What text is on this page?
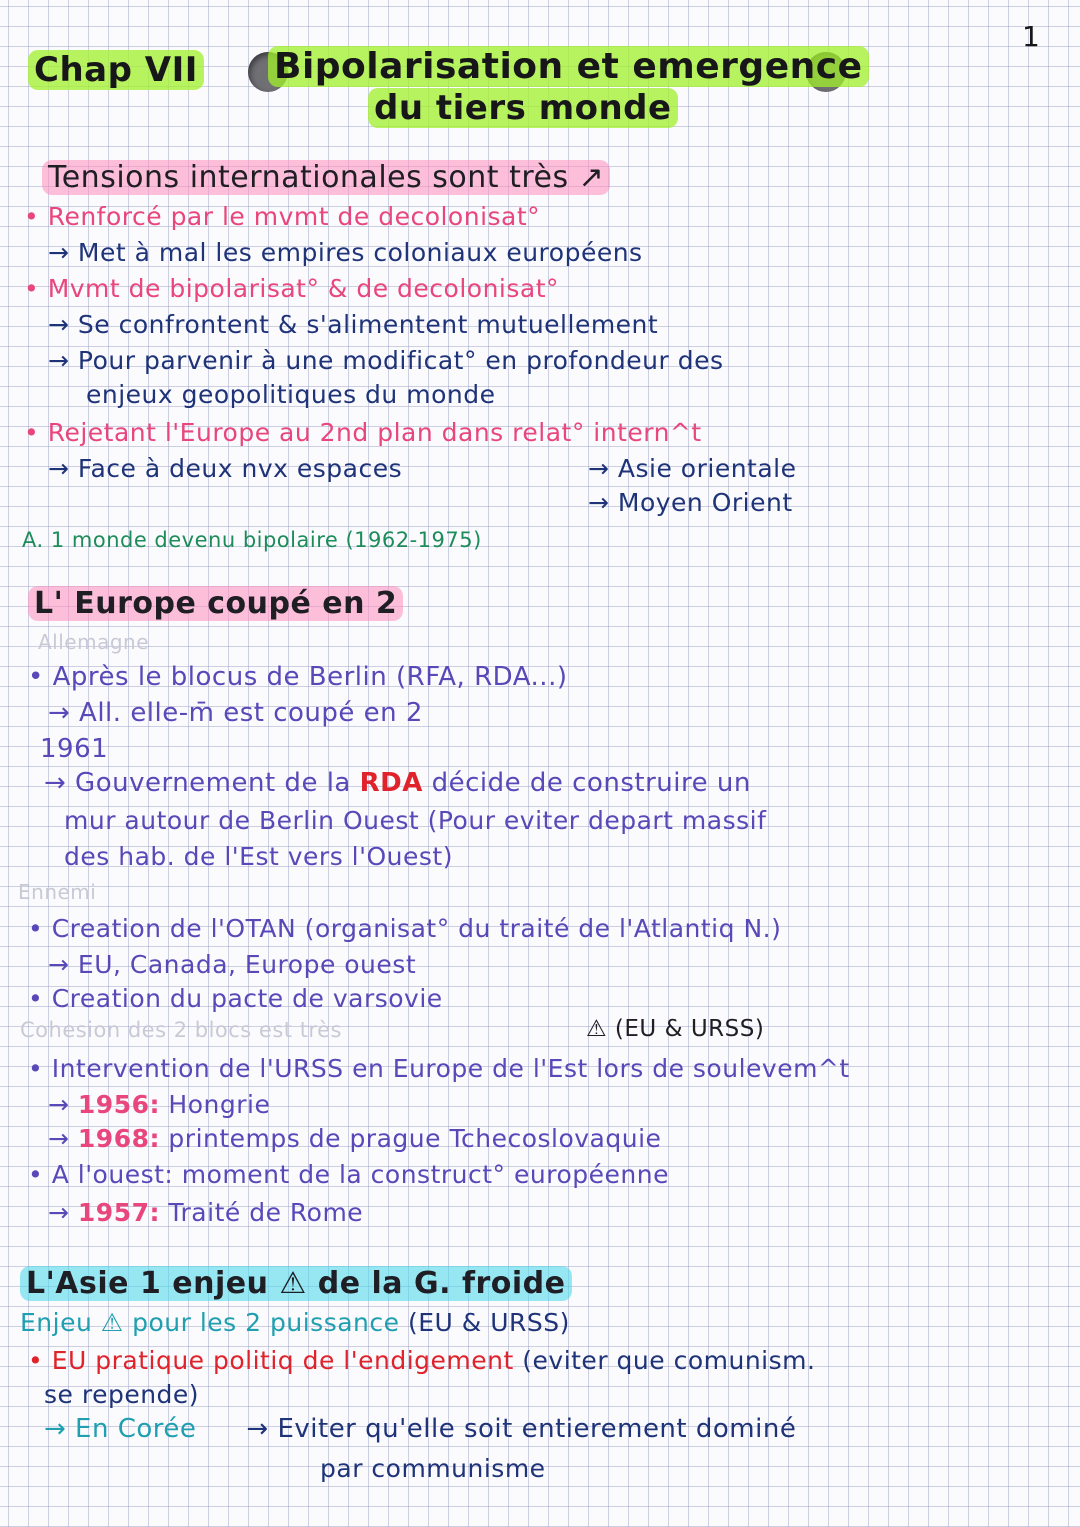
1
Chap VII Bipolarisation et emergence
du tiers monde
Tensions internationales sont très ↗
• Renforcé par le mvmt de decolonisat°
→ Met à mal les empires coloniaux européens
• Mvmt de bipolarisat° & de decolonisat°
→ Se confrontent & s'alimentent mutuellement
→ Pour parvenir à une modificat° en profondeur des
enjeux geopolitiques du monde
• Rejetant l'Europe au 2nd plan dans relat° intern^t
→ Face à deux nvx espaces	→ Asie orientale
→ Moyen Orient
A. 1 monde devenu bipolaire (1962-1975)
L' Europe coupé en 2
Allemagne
• Après le blocus de Berlin (RFA, RDA...)
→ All. elle-m̄ est coupé en 2
1961
→ Gouvernement de la RDA décide de construire un
mur autour de Berlin Ouest (Pour eviter depart massif
des hab. de l'Est vers l'Ouest)
Ennemi
• Creation de l'OTAN (organisat° du traité de l'Atlantiq N.)
→ EU, Canada, Europe ouest
• Creation du pacte de varsovie
Cohesion des 2 blocs est très	⚠ (EU & URSS)
• Intervention de l'URSS en Europe de l'Est lors de soulevem^t
→ 1956: Hongrie
→ 1968: printemps de prague Tchecoslovaquie
• A l'ouest: moment de la construct° européenne
→ 1957: Traité de Rome
L'Asie 1 enjeu ⚠ de la G. froide
Enjeu ⚠ pour les 2 puissance (EU & URSS)
• EU pratique politiq de l'endigement (eviter que comunism.
se repende)
→ En Corée → Eviter qu'elle soit entierement dominé
par communisme
